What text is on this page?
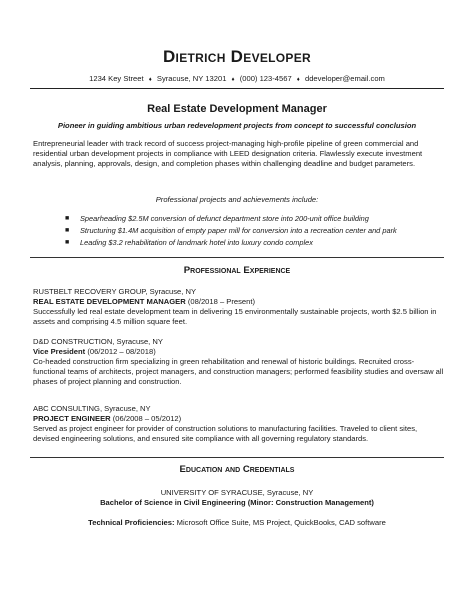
Dietrich Developer
1234 Key Street ♦ Syracuse, NY 13201 ♦ (000) 123-4567 ♦ ddeveloper@email.com
Real Estate Development Manager
Pioneer in guiding ambitious urban redevelopment projects from concept to successful conclusion

Entrepreneurial leader with track record of success project-managing high-profile pipeline of green commercial and residential urban development projects in compliance with LEED designation criteria. Flawlessly execute investment analysis, planning, approvals, design, and completion phases within challenging deadline and budget parameters.

Professional projects and achievements include:
■ Spearheading $2.5M conversion of defunct department store into 200-unit office building
■ Structuring $1.4M acquisition of empty paper mill for conversion into a recreation center and park
■ Leading $3.2 rehabilitation of landmark hotel into luxury condo complex
Professional Experience

RUSTBELT RECOVERY GROUP, Syracuse, NY

REAL ESTATE DEVELOPMENT MANAGER (08/2018 – Present)

Successfully led real estate development team in delivering 15 environmentally sustainable projects, worth $2.5 billion in assets and comprising 4.5 million square feet.

D&D CONSTRUCTION, Syracuse, NY

Vice President (06/2012 – 08/2018)

Co-headed construction firm specializing in green rehabilitation and renewal of historic buildings. Recruited cross-functional teams of architects, project managers, and construction managers; performed feasibility studies and oversaw all phases of project planning and construction.

ABC CONSULTING, Syracuse, NY

PROJECT ENGINEER (06/2008 – 05/2012)

Served as project engineer for provider of construction solutions to manufacturing facilities. Traveled to client sites, devised engineering solutions, and ensured site compliance with all governing regulatory standards.

Education and Credentials
UNIVERSITY OF SYRACUSE, Syracuse, NY
Bachelor of Science in Civil Engineering (Minor: Construction Management)
Technical Proficiencies: Microsoft Office Suite, MS Project, QuickBooks, CAD software
